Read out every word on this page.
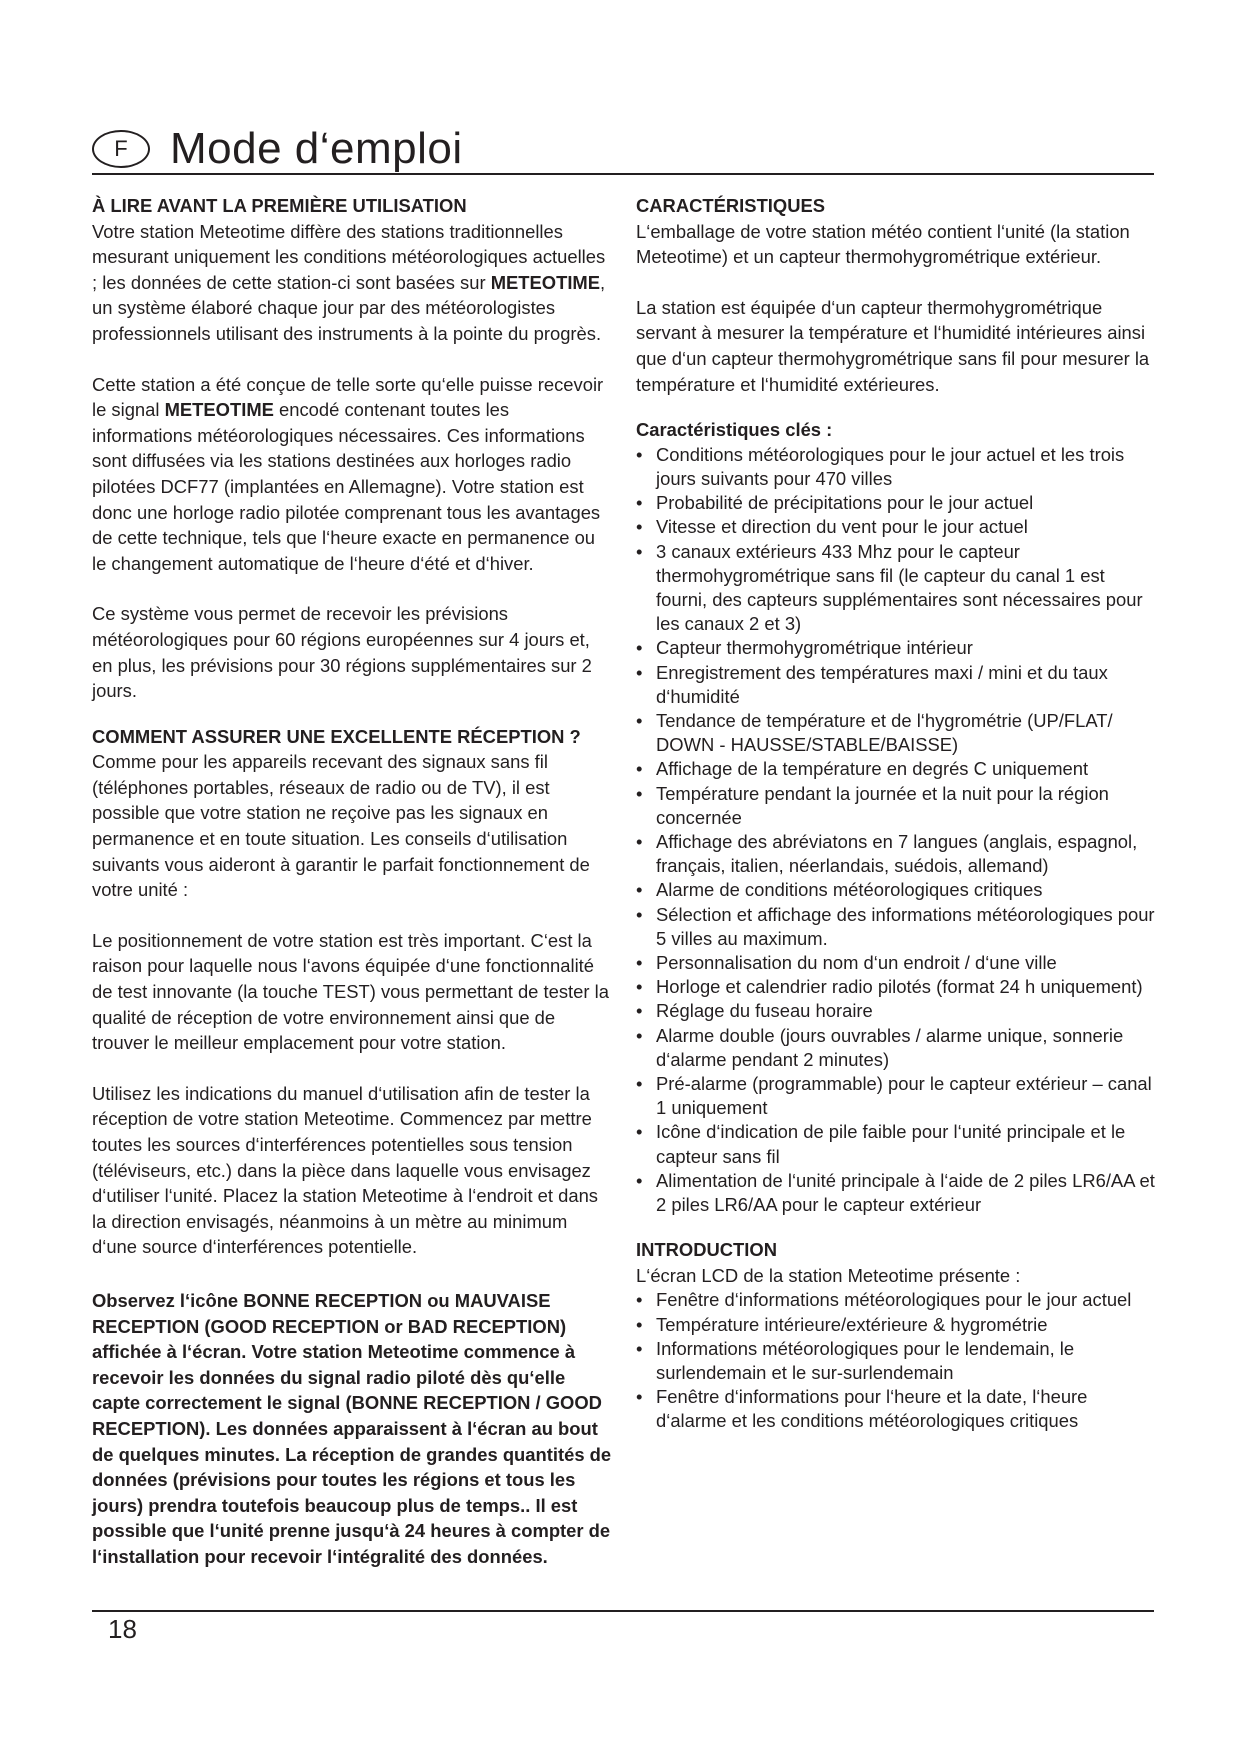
F Mode d‘emploi
À LIRE AVANT LA PREMIÈRE UTILISATION

Votre station Meteotime diffère des stations traditionnelles mesurant uniquement les conditions météorologiques actuelles ; les données de cette station-ci sont basées sur METEOTIME, un système élaboré chaque jour par des météorologistes professionnels utilisant des instruments à la pointe du progrès.

Cette station a été conçue de telle sorte qu‘elle puisse recevoir le signal METEOTIME encodé contenant toutes les informations météorologiques nécessaires. Ces informations sont diffusées via les stations destinées aux horloges radio pilotées DCF77 (implantées en Allemagne). Votre station est donc une horloge radio pilotée comprenant tous les avantages de cette technique, tels que l‘heure exacte en permanence ou le changement automatique de l‘heure d‘été et d‘hiver.

Ce système vous permet de recevoir les prévisions météorologiques pour 60 régions européennes sur 4 jours et, en plus, les prévisions pour 30 régions supplémentaires sur 2 jours.

COMMENT ASSURER UNE EXCELLENTE RÉCEPTION ?

Comme pour les appareils recevant des signaux sans fil (téléphones portables, réseaux de radio ou de TV), il est possible que votre station ne reçoive pas les signaux en permanence et en toute situation. Les conseils d‘utilisation suivants vous aideront à garantir le parfait fonctionnement de votre unité :

Le positionnement de votre station est très important. C‘est la raison pour laquelle nous l‘avons équipée d‘une fonctionnalité de test innovante (la touche TEST) vous permettant de tester la qualité de réception de votre environnement ainsi que de trouver le meilleur emplacement pour votre station.

Utilisez les indications du manuel d‘utilisation afin de tester la réception de votre station Meteotime. Commencez par mettre toutes les sources d‘interférences potentielles sous tension (téléviseurs, etc.) dans la pièce dans laquelle vous envisagez d‘utiliser l‘unité. Placez la station Meteotime à l‘endroit et dans la direction envisagés, néanmoins à un mètre au minimum d‘une source d‘interférences potentielle.

Observez l‘icône BONNE RECEPTION ou MAUVAISE RECEPTION (GOOD RECEPTION or BAD RECEPTION) affichée à l‘écran. Votre station Meteotime commence à recevoir les données du signal radio piloté dès qu‘elle capte correctement le signal (BONNE RECEPTION / GOOD RECEPTION). Les données apparaissent à l‘écran au bout de quelques minutes. La réception de grandes quantités de données (prévisions pour toutes les régions et tous les jours) prendra toutefois beaucoup plus de temps.. Il est possible que l‘unité prenne jusqu‘à 24 heures à compter de l‘installation pour recevoir l‘intégralité des données.

CARACTÉRISTIQUES

L‘emballage de votre station météo contient l‘unité (la station Meteotime) et un capteur thermohygrométrique extérieur.

La station est équipée d‘un capteur thermohygrométrique servant à mesurer la température et l‘humidité intérieures ainsi que d‘un capteur thermohygrométrique sans fil pour mesurer la température et l‘humidité extérieures.

Caractéristiques clés :

• Conditions météorologiques pour le jour actuel et les trois jours suivants pour 470 villes
• Probabilité de précipitations pour le jour actuel
• Vitesse et direction du vent pour le jour actuel
• 3 canaux extérieurs 433 Mhz pour le capteur thermohygrométrique sans fil (le capteur du canal 1 est fourni, des capteurs supplémentaires sont nécessaires pour les canaux 2 et 3)
• Capteur thermohygrométrique intérieur
• Enregistrement des températures maxi / mini et du taux d‘humidité
• Tendance de température et de l‘hygrométrie (UP/FLAT/ DOWN - HAUSSE/STABLE/BAISSE)
• Affichage de la température en degrés C uniquement
• Température pendant la journée et la nuit pour la région concernée
• Affichage des abréviatons en 7 langues (anglais, espagnol, français, italien, néerlandais, suédois, allemand)
• Alarme de conditions météorologiques critiques
• Sélection et affichage des informations météorologiques pour 5 villes au maximum.
• Personnalisation du nom d‘un endroit / d‘une ville
• Horloge et calendrier radio pilotés (format 24 h uniquement)
• Réglage du fuseau horaire
• Alarme double (jours ouvrables / alarme unique, sonnerie d‘alarme pendant 2 minutes)
• Pré-alarme (programmable) pour le capteur extérieur – canal 1 uniquement
• Icône d‘indication de pile faible pour l‘unité principale et le capteur sans fil
• Alimentation de l‘unité principale à l‘aide de 2 piles LR6/AA et 2 piles LR6/AA pour le capteur extérieur
INTRODUCTION

L‘écran LCD de la station Meteotime présente :

• Fenêtre d‘informations météorologiques pour le jour actuel
• Température intérieure/extérieure & hygrométrie
• Informations météorologiques pour le lendemain, le surlendemain et le sur-surlendemain
• Fenêtre d‘informations pour l‘heure et la date, l‘heure d‘alarme et les conditions météorologiques critiques
18
